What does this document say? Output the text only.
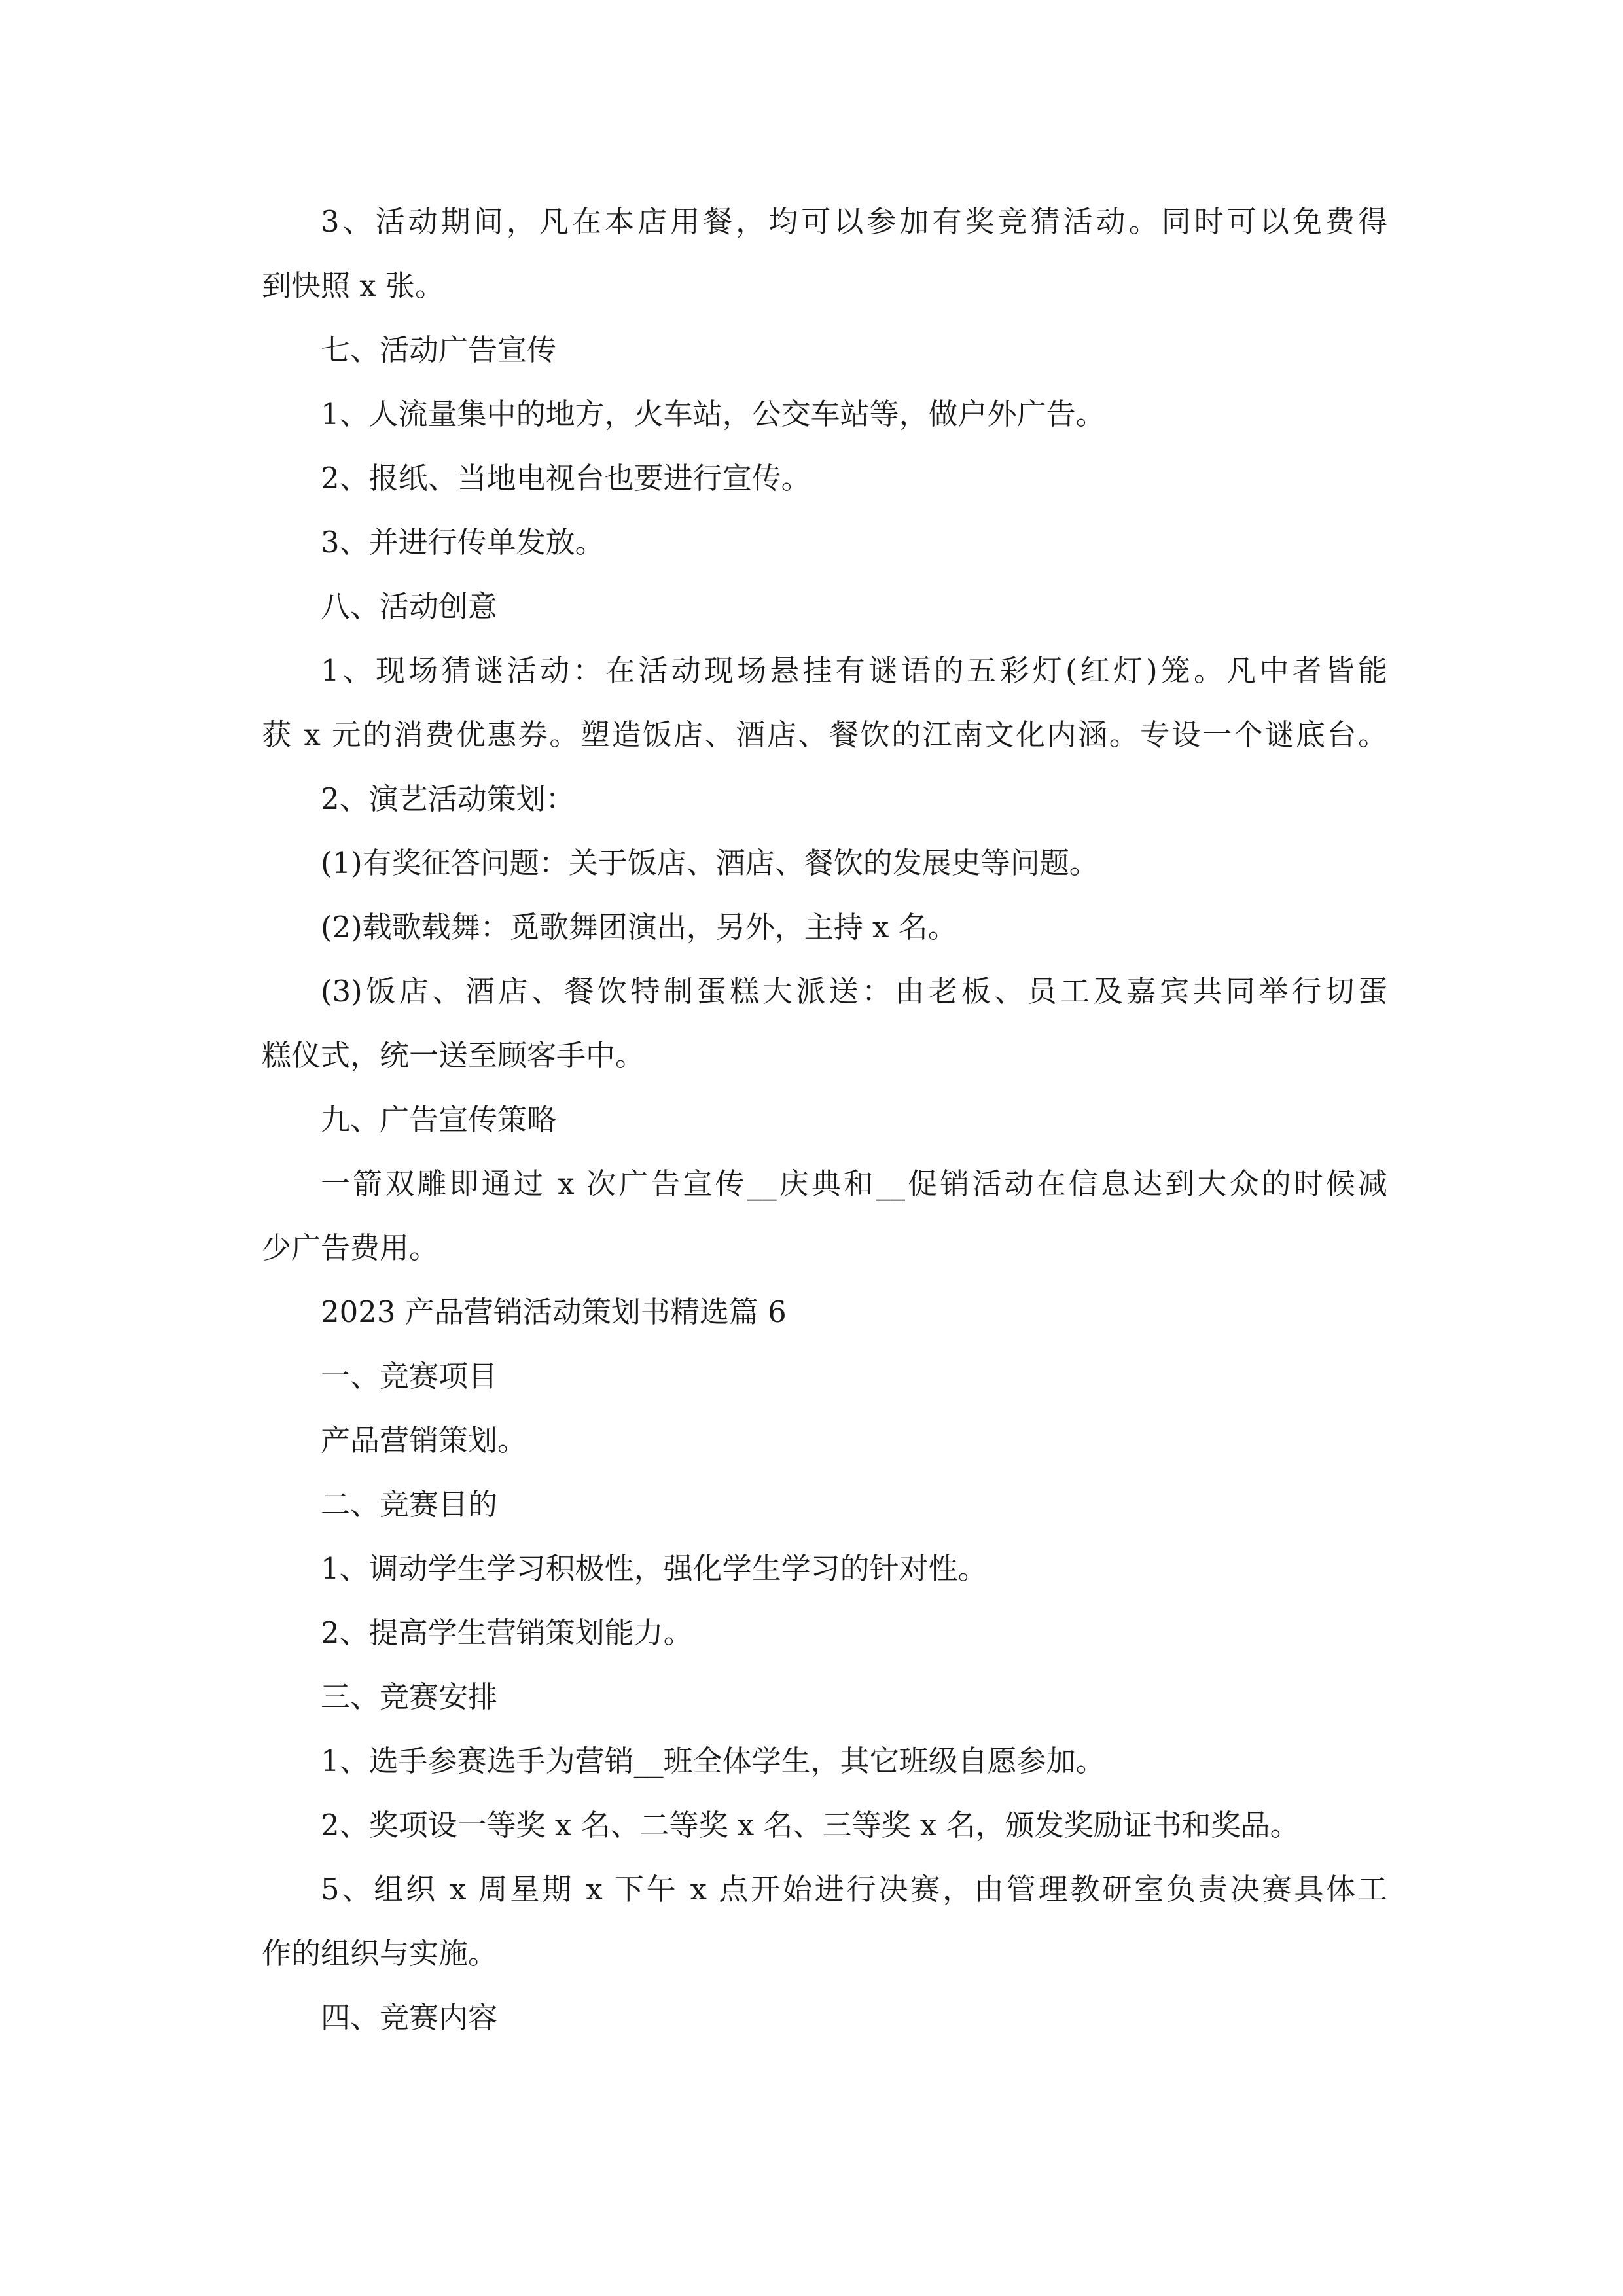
3、活动期间，凡在本店用餐，均可以参加有奖竞猜活动。同时可以免费得

到快照 x 张。

七、活动广告宣传

1、人流量集中的地方，火车站，公交车站等，做户外广告。

2、报纸、当地电视台也要进行宣传。

3、并进行传单发放。

八、活动创意

1、现场猜谜活动：在活动现场悬挂有谜语的五彩灯(红灯)笼。凡中者皆能

获 x 元的消费优惠券。塑造饭店、酒店、餐饮的江南文化内涵。专设一个谜底台。

2、演艺活动策划：

(1)有奖征答问题：关于饭店、酒店、餐饮的发展史等问题。

(2)载歌载舞：觅歌舞团演出，另外，主持 x 名。

(3)饭店、酒店、餐饮特制蛋糕大派送：由老板、员工及嘉宾共同举行切蛋

糕仪式，统一送至顾客手中。

九、广告宣传策略

一箭双雕即通过 x 次广告宣传__庆典和__促销活动在信息达到大众的时候减

少广告费用。

2023 产品营销活动策划书精选篇 6

一、竞赛项目

产品营销策划。

二、竞赛目的

1、调动学生学习积极性，强化学生学习的针对性。

2、提高学生营销策划能力。

三、竞赛安排

1、选手参赛选手为营销__班全体学生，其它班级自愿参加。

2、奖项设一等奖 x 名、二等奖 x 名、三等奖 x 名，颁发奖励证书和奖品。

5、组织 x 周星期 x 下午 x 点开始进行决赛，由管理教研室负责决赛具体工

作的组织与实施。

四、竞赛内容
